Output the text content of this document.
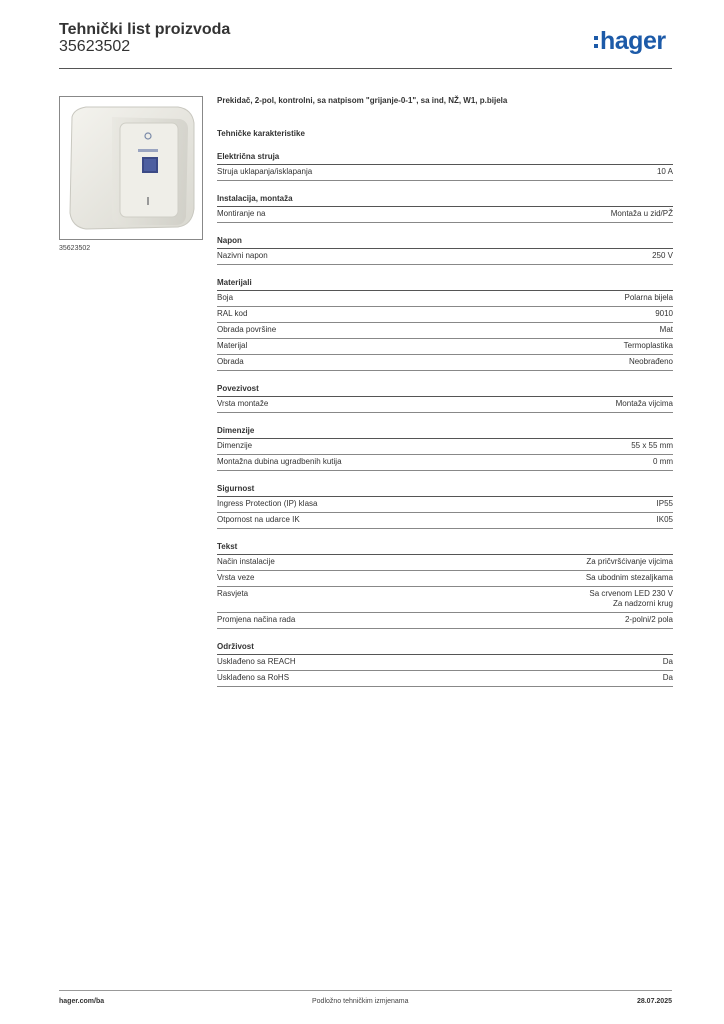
Tehnički list proizvoda
35623502	hager
35623502
Prekidač, 2-pol, kontrolni, sa natpisom "grijanje-0-1", sa ind, NŽ, W1, p.bijela
Tehničke karakteristike
Električna struja
Struja uklapanja/isklapanja	10 A
Instalacija, montaža
Montiranje na	Montaža u zid/PŽ
Napon
Nazivni napon	250 V
Materijali
Boja	Polarna bijela
RAL kod	9010
Obrada površine	Mat
Materijal	Termoplastika
Obrada	Neobrađeno
Povezivost
Vrsta montaže	Montaža vijcima
Dimenzije
Dimenzije	55 x 55 mm
Montažna dubina ugradbenih kutija	0 mm
Sigurnost
Ingress Protection (IP) klasa	IP55
Otpornost na udarce IK	IK05
Tekst
Način instalacije	Za pričvršćivanje vijcima
Vrsta veze	Sa ubodnim stezaljkama
Rasvjeta	Sa crvenom LED 230 V
Za nadzorni krug
Promjena načina rada	2-polni/2 pola
Održivost
Usklađeno sa REACH	Da
Usklađeno sa RoHS	Da
hager.com/ba	Podložno tehničkim izmjenama	28.07.2025
